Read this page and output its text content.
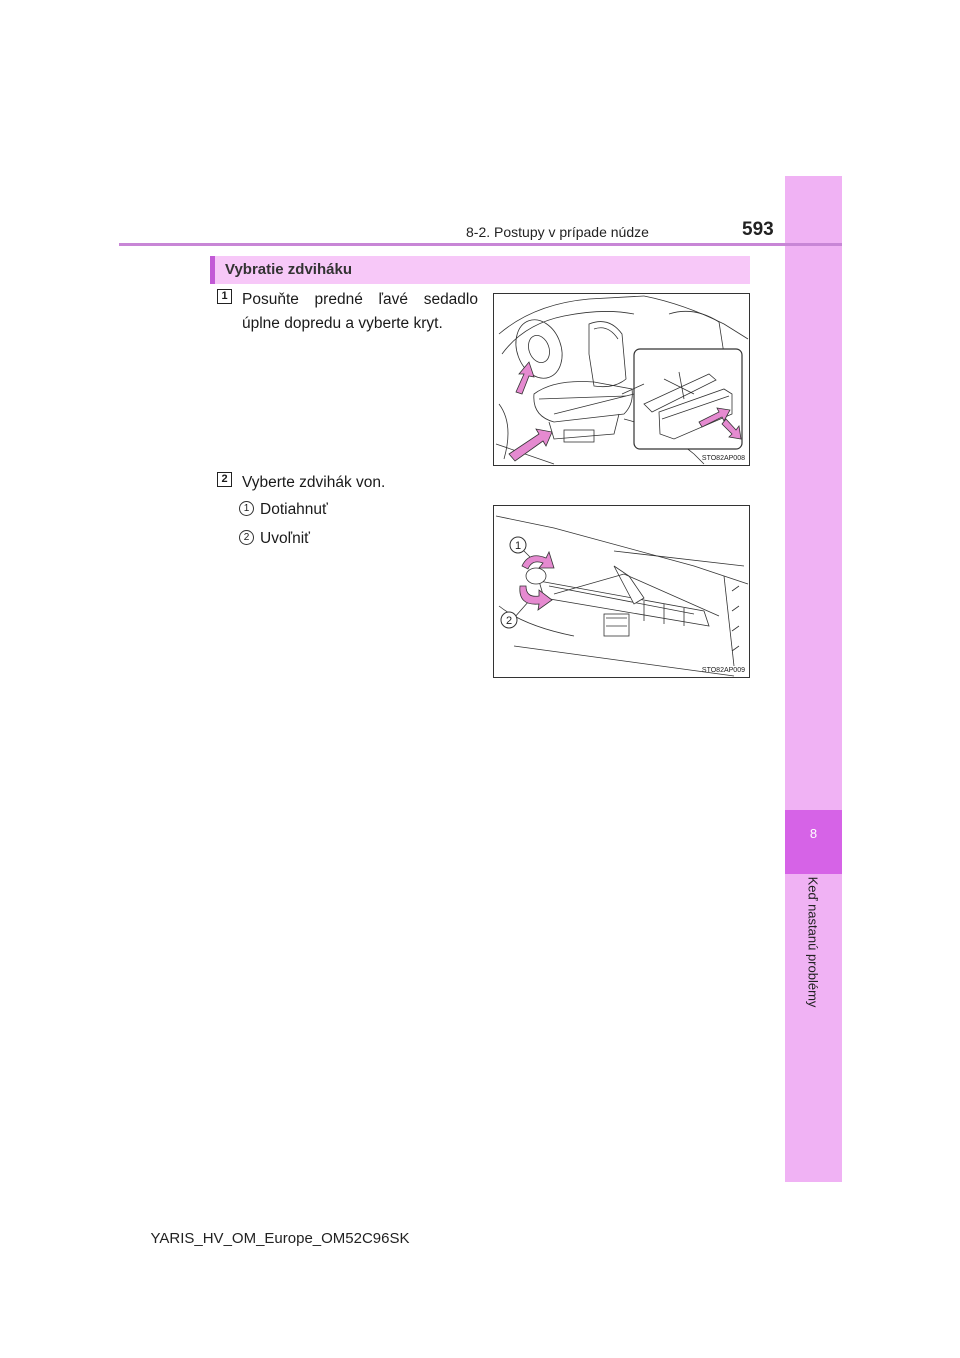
8
Keď nastanú problémy
8-2. Postupy v prípade núdze	593
Vybratie zdviháku
1 Posuňte predné ľavé sedadlo úplne dopredu a vyberte kryt.
STO82AP008
2 Vyberte zdvihák von.
1 Dotiahnuť
2 Uvoľniť	1
2
STO82AP009
YARIS_HV_OM_Europe_OM52C96SK
